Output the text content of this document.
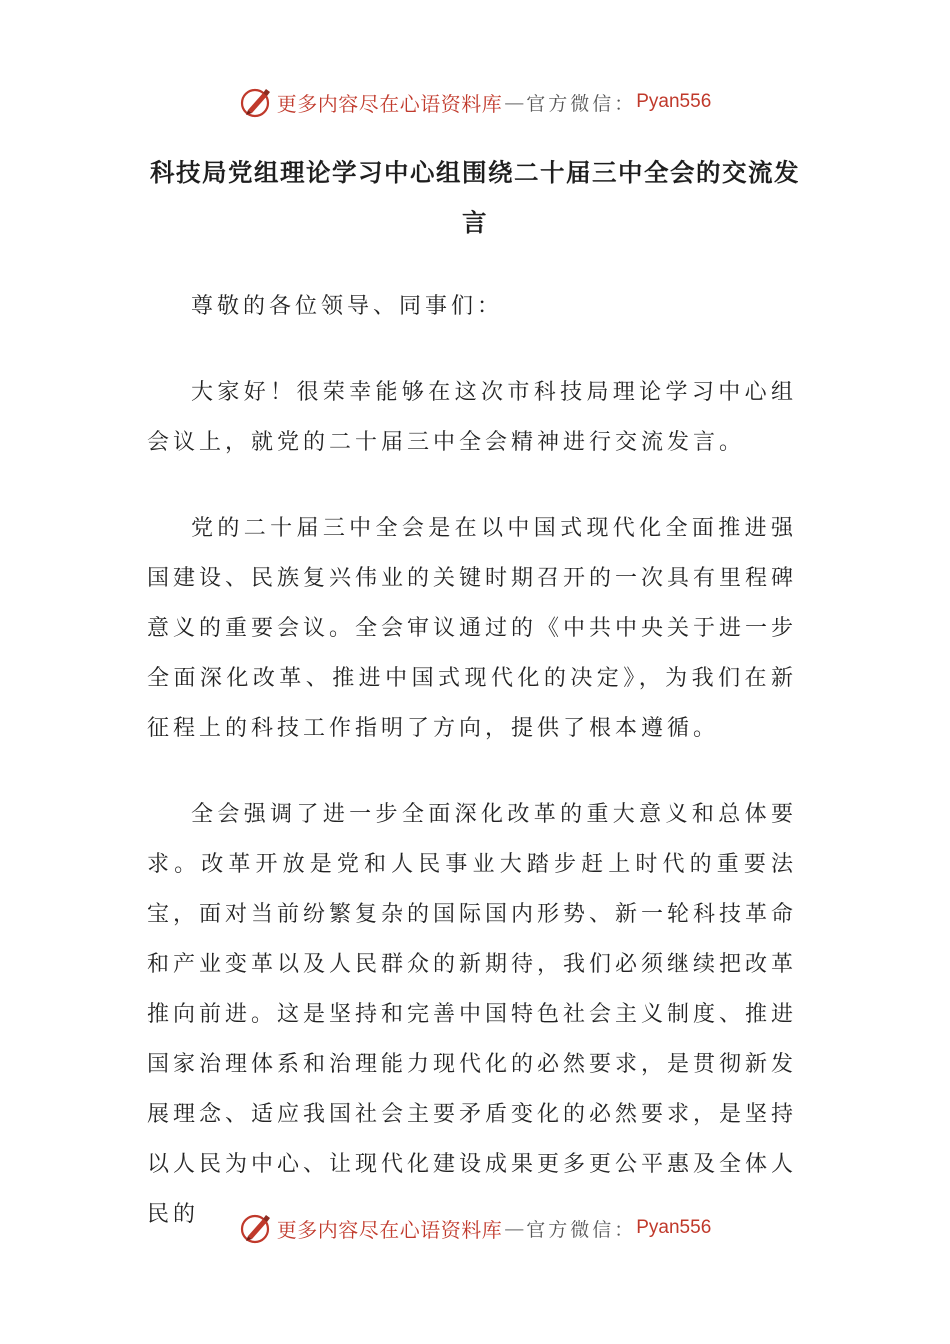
更多内容尽在心语资料库 — 官方微信： Pyan556
科技局党组理论学习中心组围绕二十届三中全会的交流发言

尊敬的各位领导、同事们：

大家好！很荣幸能够在这次市科技局理论学习中心组会议上，就党的二十届三中全会精神进行交流发言。

党的二十届三中全会是在以中国式现代化全面推进强国建设、民族复兴伟业的关键时期召开的一次具有里程碑意义的重要会议。全会审议通过的《中共中央关于进一步全面深化改革、推进中国式现代化的决定》，为我们在新征程上的科技工作指明了方向，提供了根本遵循。

全会强调了进一步全面深化改革的重大意义和总体要求。改革开放是党和人民事业大踏步赶上时代的重要法宝，面对当前纷繁复杂的国际国内形势、新一轮科技革命和产业变革以及人民群众的新期待，我们必须继续把改革推向前进。这是坚持和完善中国特色社会主义制度、推进国家治理体系和治理能力现代化的必然要求，是贯彻新发展理念、适应我国社会主要矛盾变化的必然要求，是坚持以人民为中心、让现代化建设成果更多更公平惠及全体人民的

更多内容尽在心语资料库 — 官方微信： Pyan556
